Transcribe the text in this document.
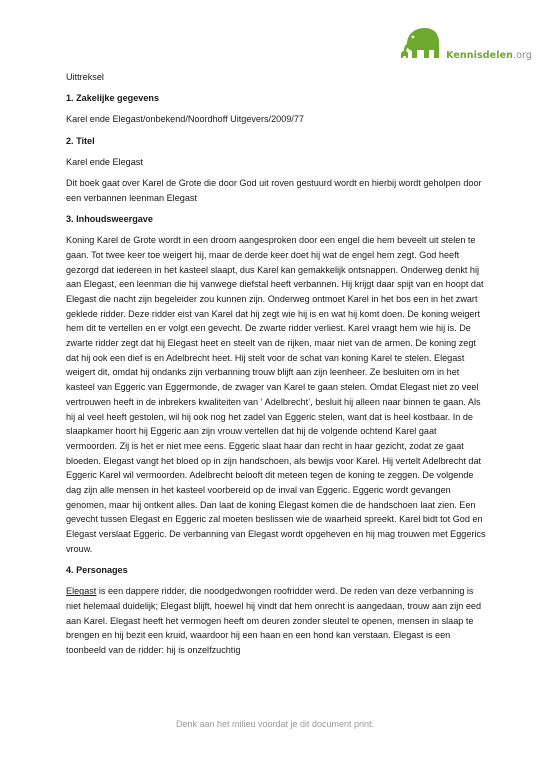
Kennisdelen.org

Uittreksel

1. Zakelijke gegevens

Karel ende Elegast/onbekend/Noordhoff Uitgevers/2009/77

2. Titel

Karel ende Elegast

Dit boek gaat over Karel de Grote die door God uit roven gestuurd wordt en hierbij wordt geholpen door een verbannen leenman Elegast

3. Inhoudsweergave

Koning Karel de Grote wordt in een droom aangesproken door een engel die hem beveelt uit stelen te gaan. Tot twee keer toe weigert hij, maar de derde keer doet hij wat de engel hem zegt. God heeft gezorgd dat iedereen in het kasteel slaapt, dus Karel kan gemakkelijk ontsnappen. Onderweg denkt hij aan Elegast, een leenman die hij vanwege diefstal heeft verbannen. Hij krijgt daar spijt van en hoopt dat Elegast die nacht zijn begeleider zou kunnen zijn. Onderweg ontmoet Karel in het bos een in het zwart geklede ridder. Deze ridder eist van Karel dat hij zegt wie hij is en wat hij komt doen. De koning weigert hem dit te vertellen en er volgt een gevecht. De zwarte ridder verliest. Karel vraagt hem wie hij is. De zwarte ridder zegt dat hij Elegast heet en steelt van de rijken, maar niet van de armen. De koning zegt dat hij ook een dief is en Adelbrecht heet. Hij stelt voor de schat van koning Karel te stelen. Elegast weigert dit, omdat hij ondanks zijn verbanning trouw blijft aan zijn leenheer. Ze besluiten om in het kasteel van Eggeric van Eggermonde, de zwager van Karel te gaan stelen. Omdat Elegast niet zo veel vertrouwen heeft in de inbrekers kwaliteiten van ‘ Adelbrecht’, besluit hij alleen naar binnen te gaan. Als hij al veel heeft gestolen, wil hij ook nog het zadel van Eggeric stelen, want dat is heel kostbaar. In de slaapkamer hoort hij Eggeric aan zijn vrouw vertellen dat hij de volgende ochtend Karel gaat vermoorden. Zij is het er niet mee eens. Eggeric slaat haar dan recht in haar gezicht, zodat ze gaat bloeden. Elegast vangt het bloed op in zijn handschoen, als bewijs voor Karel. Hij vertelt Adelbrecht dat Eggeric Karel wil vermoorden. Adelbrecht belooft dit meteen tegen de koning te zeggen. De volgende dag zijn alle mensen in het kasteel voorbereid op de inval van Eggeric. Eggeric wordt gevangen genomen, maar hij ontkent alles. Dan laat de koning Elegast komen die de handschoen laat zien. Een gevecht tussen Elegast en Eggeric zal moeten beslissen wie de waarheid spreekt. Karel bidt tot God en Elegast verslaat Eggeric. De verbanning van Elegast wordt opgeheven en hij mag trouwen met Eggerics vrouw.

4. Personages

Elegast is een dappere ridder, die noodgedwongen roofridder werd. De reden van deze verbanning is niet helemaal duidelijk; Elegast blijft, hoewel hij vindt dat hem onrecht is aangedaan, trouw aan zijn eed aan Karel. Elegast heeft het vermogen heeft om deuren zonder sleutel te openen, mensen in slaap te brengen en hij bezit een kruid, waardoor hij een haan en een hond kan verstaan. Elegast is een toonbeeld van de ridder: hij is onzelfzuchtig

Denk aan het milieu voordat je dit document print.
